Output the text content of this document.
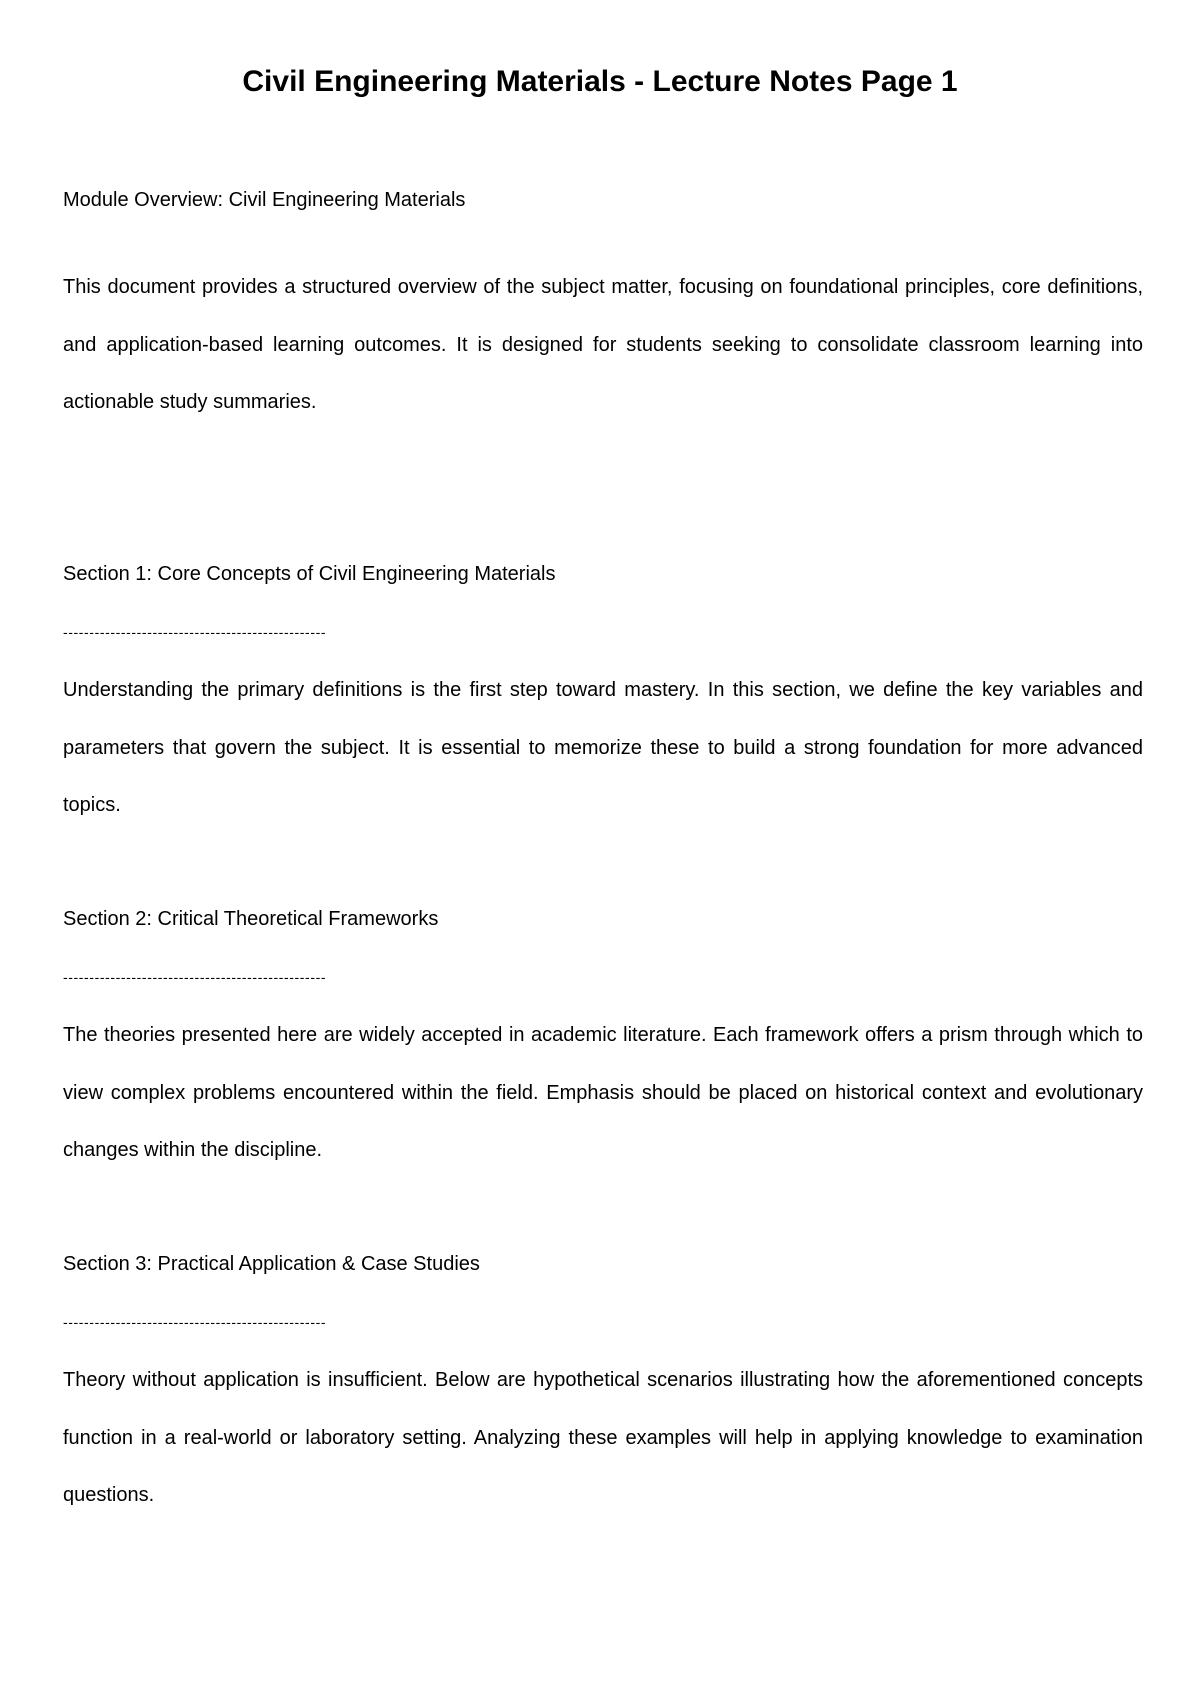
Civil Engineering Materials - Lecture Notes Page 1

Module Overview: Civil Engineering Materials

This document provides a structured overview of the subject matter, focusing on foundational principles, core definitions, and application-based learning outcomes. It is designed for students seeking to consolidate classroom learning into actionable study summaries.

Section 1: Core Concepts of Civil Engineering Materials

--------------------------------------------------

Understanding the primary definitions is the first step toward mastery. In this section, we define the key variables and parameters that govern the subject. It is essential to memorize these to build a strong foundation for more advanced topics.

Section 2: Critical Theoretical Frameworks

--------------------------------------------------

The theories presented here are widely accepted in academic literature. Each framework offers a prism through which to view complex problems encountered within the field. Emphasis should be placed on historical context and evolutionary changes within the discipline.

Section 3: Practical Application & Case Studies

--------------------------------------------------

Theory without application is insufficient. Below are hypothetical scenarios illustrating how the aforementioned concepts function in a real-world or laboratory setting. Analyzing these examples will help in applying knowledge to examination questions.
